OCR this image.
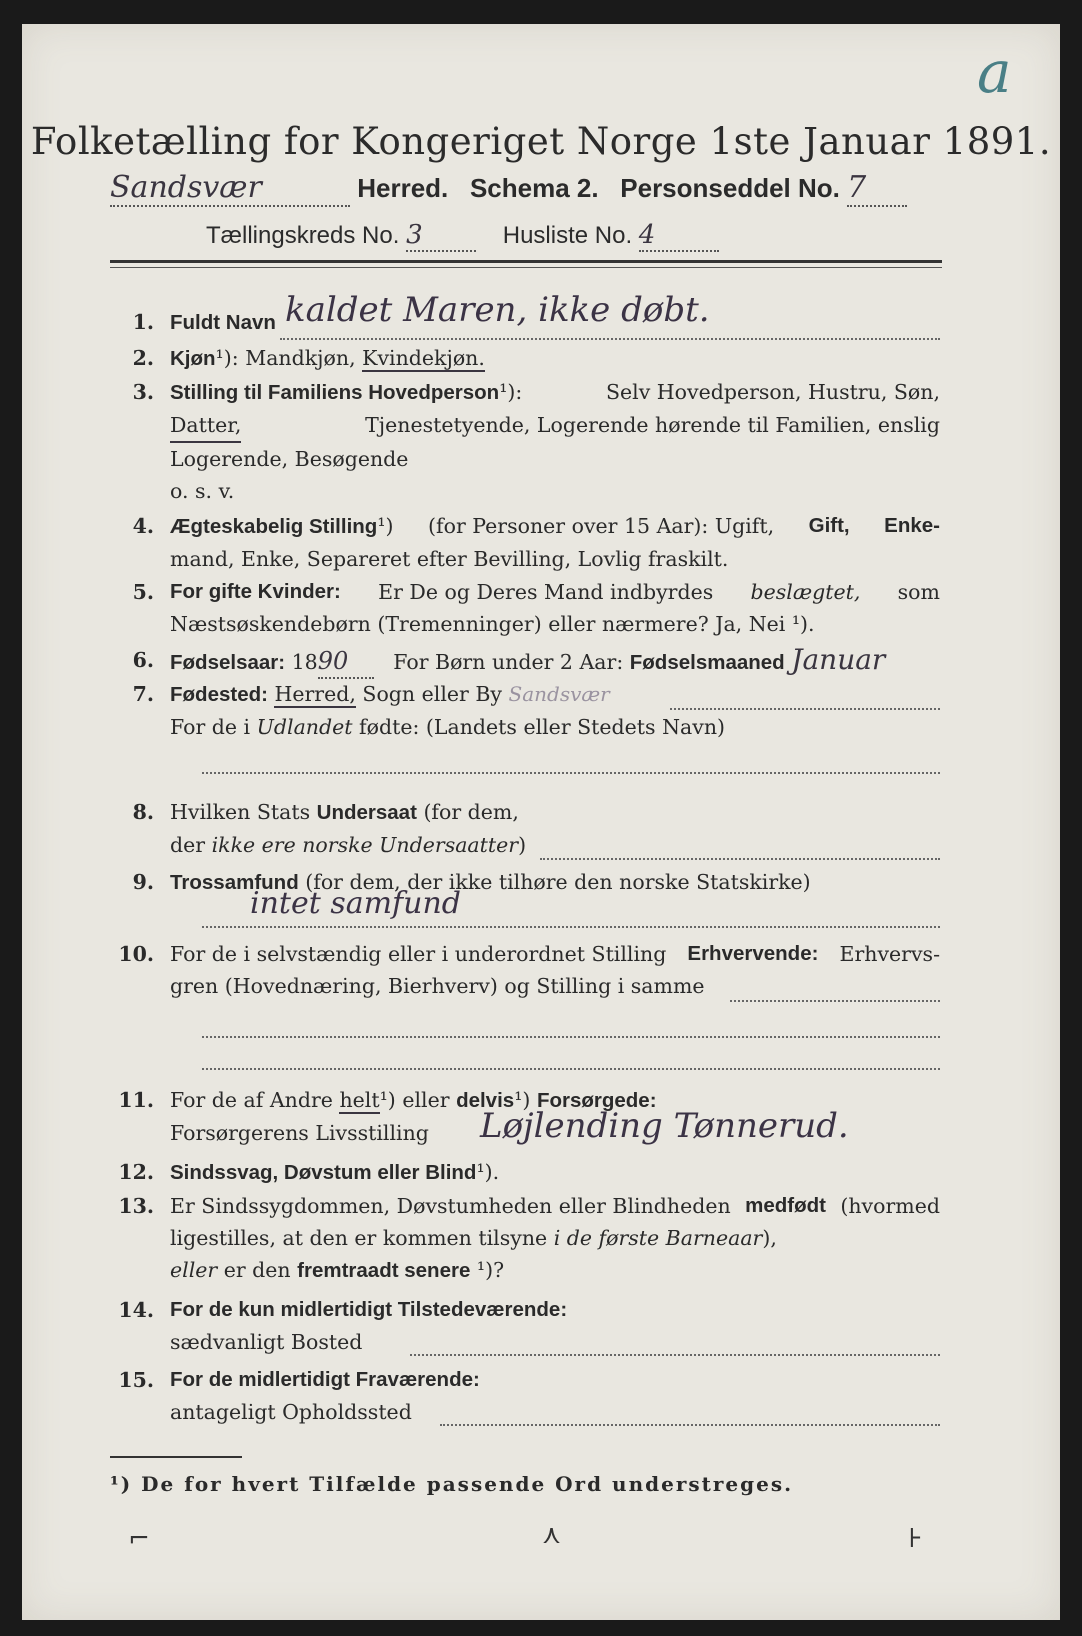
a
Folketælling for Kongeriget Norge 1ste Januar 1891.
Sandsvær	Herred. Schema 2. Personseddel No. 7
Tællingskreds No. 3	Husliste No. 4
1. Fuldt Navn kaldet Maren, ikke døbt.
2. Kjøn¹): Mandkjøn, Kvindekjøn.
3. Stilling til Familiens Hovedperson¹):	Selv Hovedperson, Hustru, Søn,
Datter,	Tjenestetyende, Logerende hørende til Familien, enslig
Logerende, Besøgende
o. s. v.
4. Ægteskabelig Stilling¹) (for Personer over 15 Aar): Ugift, Gift, Enke-
mand, Enke, Separeret efter Bevilling, Lovlig fraskilt.
5. For gifte Kvinder: Er De og Deres Mand indbyrdes beslægtet, som
Næstsøskendebørn (Tremenninger) eller nærmere? Ja, Nei ¹).
6. Fødselsaar: 1890 For Børn under 2 Aar: Fødselsmaaned Januar
7. Fødested: Herred, Sogn eller By Sandsvær
For de i Udlandet fødte: (Landets eller Stedets Navn)
8. Hvilken Stats Undersaat (for dem,
der ikke ere norske Undersaatter)
9. Trossamfund (for dem, der ikke tilhøre den norske Statskirke)
intet samfund
10. For de i selvstændig eller i underordnet Stilling Erhvervende: Erhvervs-
gren (Hovednæring, Bierhverv) og Stilling i samme
11. For de af Andre helt¹) eller delvis¹) Forsørgede:
Forsørgerens Livsstilling	Løjlending Tønnerud.
12. Sindssvag, Døvstum eller Blind¹).
13. Er Sindssygdommen, Døvstumheden eller Blindheden medfødt (hvormed
ligestilles, at den er kommen tilsyne i de første Barneaar),
eller er den fremtraadt senere ¹)?
14. For de kun midlertidigt Tilstedeværende:
sædvanligt Bosted
15. For de midlertidigt Fraværende:
antageligt Opholdssted
¹) De for hvert Tilfælde passende Ord understreges.
⌐	⋏	⊦
